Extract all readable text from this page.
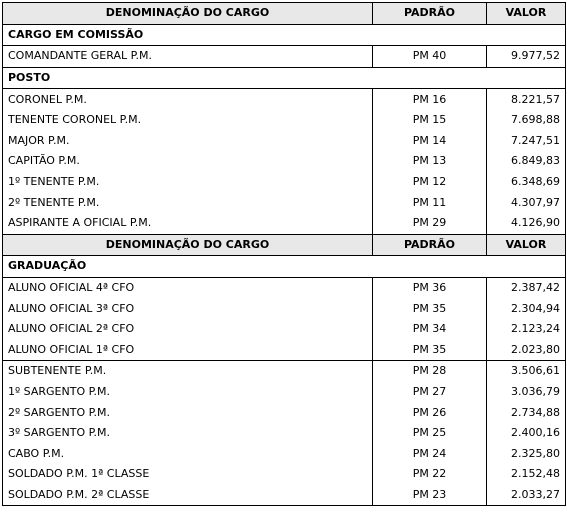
DENOMINAÇÃO DO CARGO	PADRÃO	VALOR
CARGO EM COMISSÃO		
COMANDANTE GERAL P.M.	PM 40	9.977,52
POSTO		
CORONEL P.M.	PM 16	8.221,57
TENENTE CORONEL P.M.	PM 15	7.698,88
MAJOR P.M.	PM 14	7.247,51
CAPITÃO P.M.	PM 13	6.849,83
1º TENENTE P.M.	PM 12	6.348,69
2º TENENTE P.M.	PM 11	4.307,97
ASPIRANTE A OFICIAL P.M.	PM 29	4.126,90
DENOMINAÇÃO DO CARGO	PADRÃO	VALOR
GRADUAÇÃO		
ALUNO OFICIAL 4ª CFO	PM 36	2.387,42
ALUNO OFICIAL 3ª CFO	PM 35	2.304,94
ALUNO OFICIAL 2ª CFO	PM 34	2.123,24
ALUNO OFICIAL 1ª CFO	PM 35	2.023,80
SUBTENENTE P.M.	PM 28	3.506,61
1º SARGENTO P.M.	PM 27	3.036,79
2º SARGENTO P.M.	PM 26	2.734,88
3º SARGENTO P.M.	PM 25	2.400,16
CABO P.M.	PM 24	2.325,80
SOLDADO P.M. 1ª CLASSE	PM 22	2.152,48
SOLDADO P.M. 2ª CLASSE	PM 23	2.033,27
